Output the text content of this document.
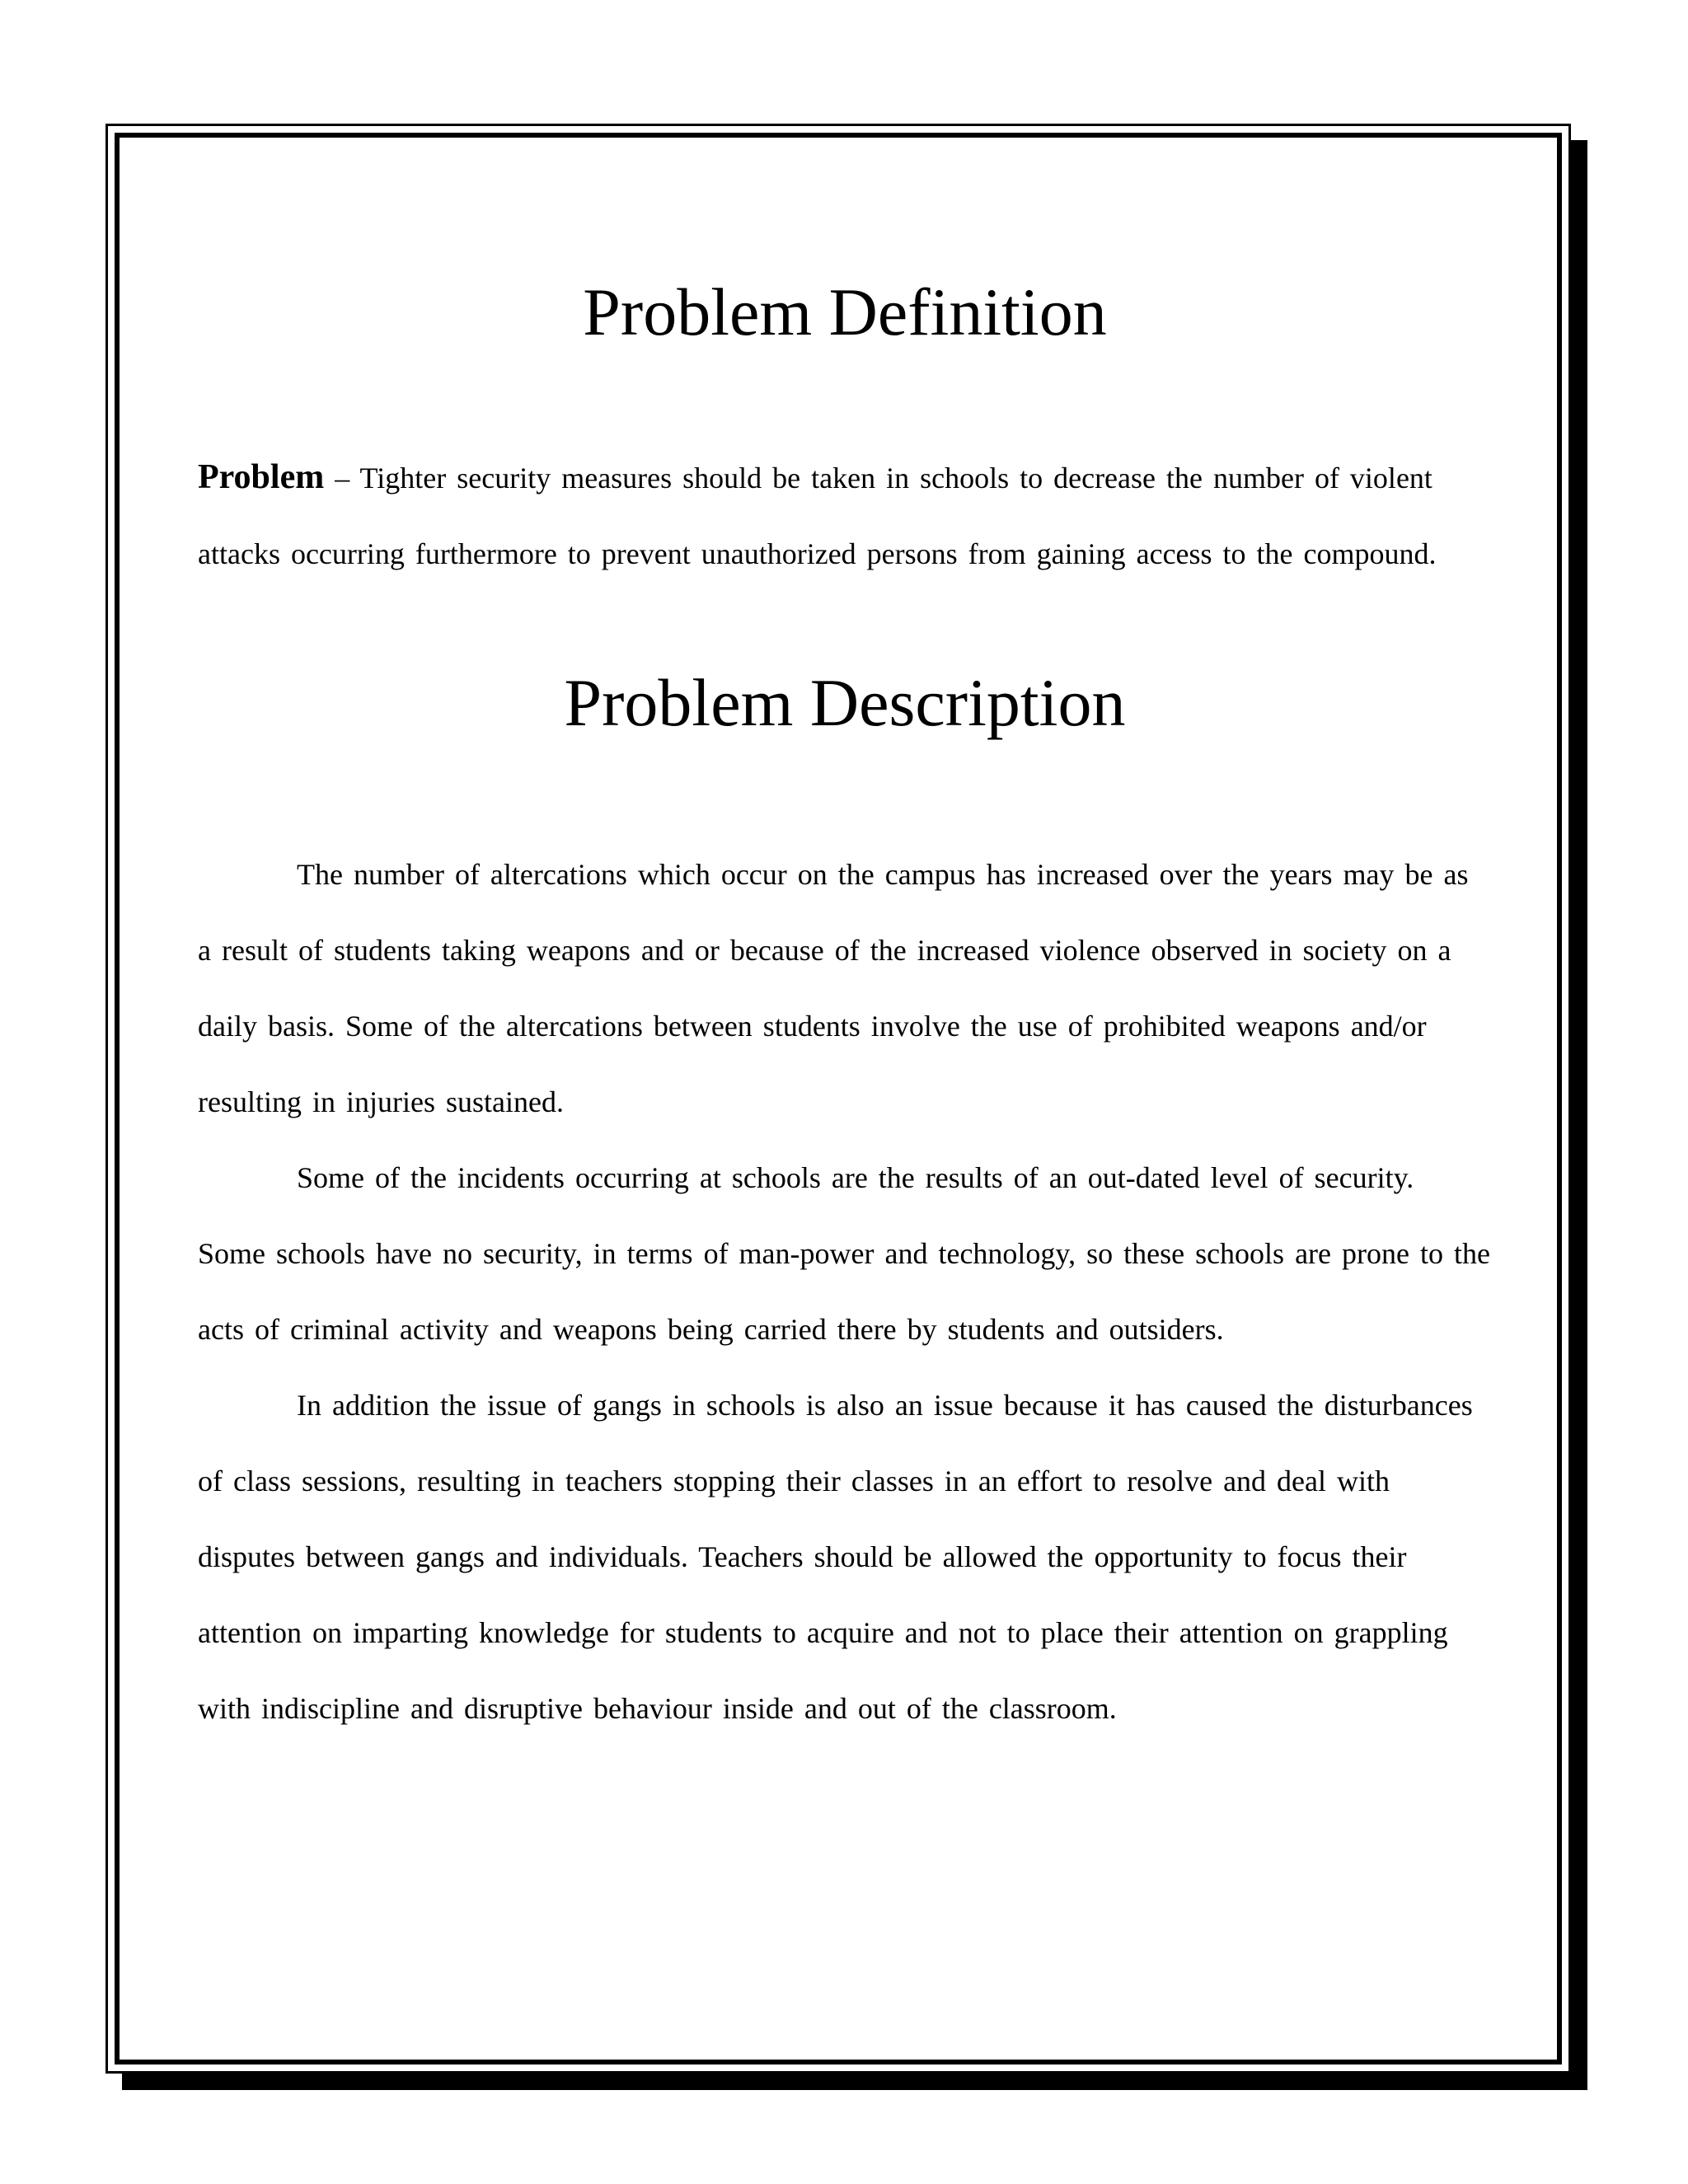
Problem Definition

Problem – Tighter security measures should be taken in schools to decrease the number of violent attacks occurring furthermore to prevent unauthorized persons from gaining access to the compound.

Problem Description

The number of altercations which occur on the campus has increased over the years may be as a result of students taking weapons and or because of the increased violence observed in society on a daily basis. Some of the altercations between students involve the use of prohibited weapons and/or resulting in injuries sustained.

Some of the incidents occurring at schools are the results of an out-dated level of security. Some schools have no security, in terms of man-power and technology, so these schools are prone to the acts of criminal activity and weapons being carried there by students and outsiders.

In addition the issue of gangs in schools is also an issue because it has caused the disturbances of class sessions, resulting in teachers stopping their classes in an effort to resolve and deal with disputes between gangs and individuals. Teachers should be allowed the opportunity to focus their attention on imparting knowledge for students to acquire and not to place their attention on grappling with indiscipline and disruptive behaviour inside and out of the classroom.
